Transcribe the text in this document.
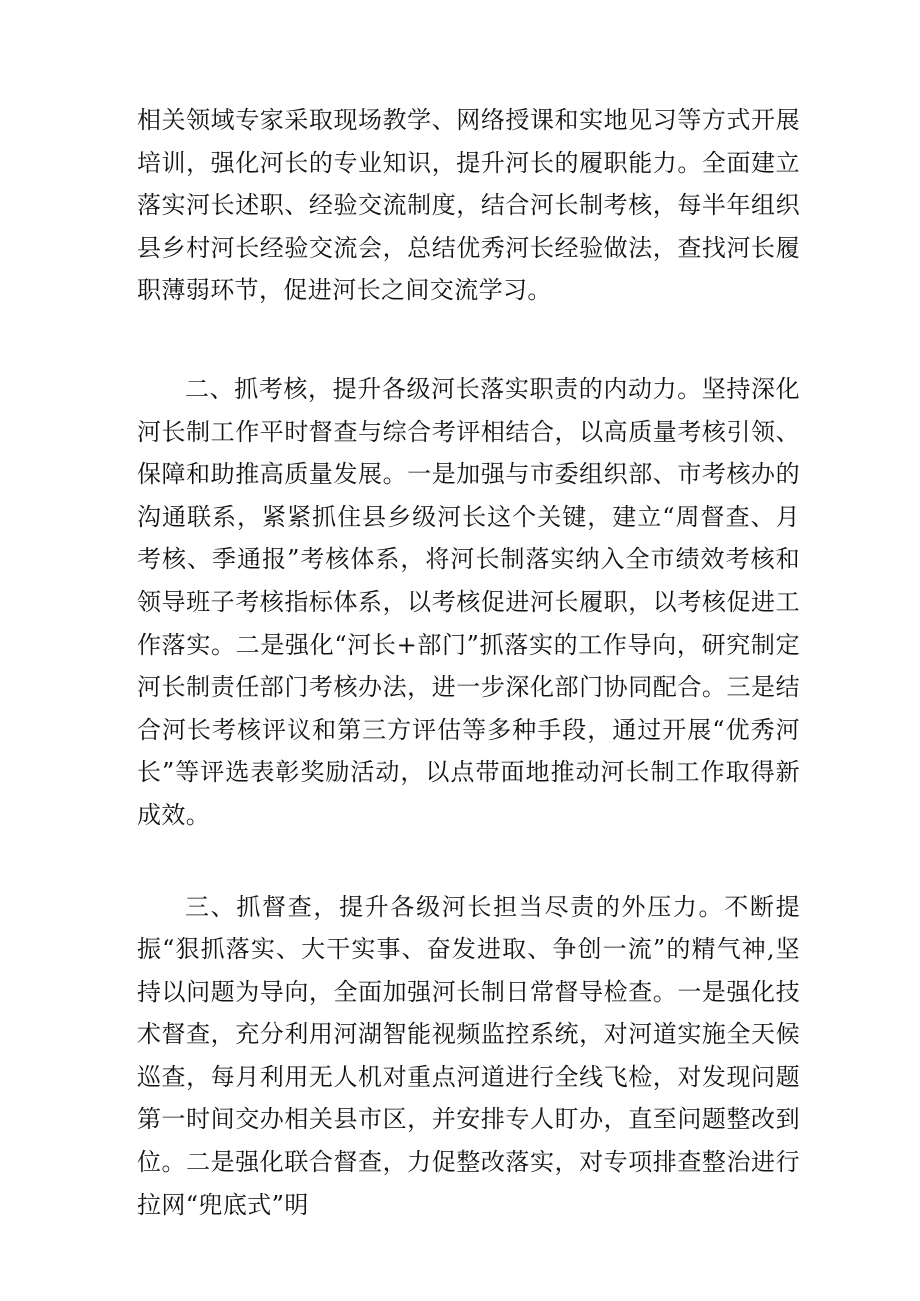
相关领域专家采取现场教学、网络授课和实地见习等方式开展培训，强化河长的专业知识，提升河长的履职能力。全面建立落实河长述职、经验交流制度，结合河长制考核，每半年组织县乡村河长经验交流会，总结优秀河长经验做法，查找河长履职薄弱环节，促进河长之间交流学习。

二、抓考核，提升各级河长落实职责的内动力。坚持深化河长制工作平时督查与综合考评相结合，以高质量考核引领、保障和助推高质量发展。一是加强与市委组织部、市考核办的沟通联系，紧紧抓住县乡级河长这个关键，建立“周督查、月考核、季通报”考核体系，将河长制落实纳入全市绩效考核和领导班子考核指标体系，以考核促进河长履职，以考核促进工作落实。二是强化“河长+部门”抓落实的工作导向，研究制定河长制责任部门考核办法，进一步深化部门协同配合。三是结合河长考核评议和第三方评估等多种手段，通过开展“优秀河长”等评选表彰奖励活动，以点带面地推动河长制工作取得新成效。

三、抓督查，提升各级河长担当尽责的外压力。不断提振“狠抓落实、大干实事、奋发进取、争创一流”的精气神,坚持以问题为导向，全面加强河长制日常督导检查。一是强化技术督查，充分利用河湖智能视频监控系统，对河道实施全天候巡查，每月利用无人机对重点河道进行全线飞检，对发现问题第一时间交办相关县市区，并安排专人盯办，直至问题整改到位。二是强化联合督查，力促整改落实，对专项排查整治进行拉网“兜底式”明
